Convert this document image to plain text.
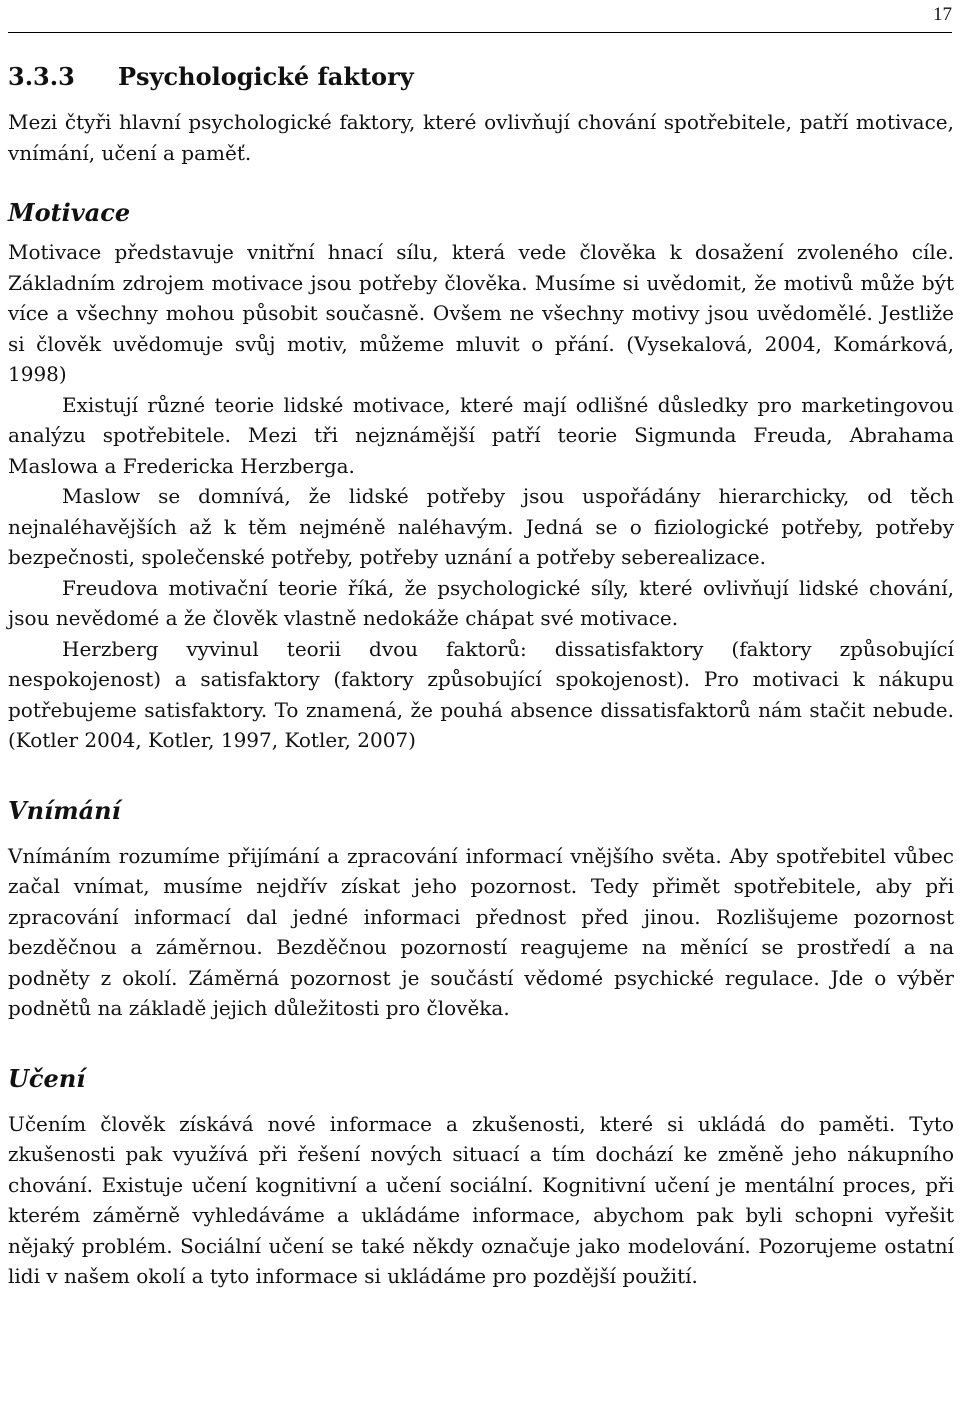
17
3.3.3 Psychologické faktory

Mezi čtyři hlavní psychologické faktory, které ovlivňují chování spotřebitele, patří motivace, vnímání, učení a paměť.

Motivace

Motivace představuje vnitřní hnací sílu, která vede člověka k dosažení zvoleného cíle. Základním zdrojem motivace jsou potřeby člověka. Musíme si uvědomit, že motivů může být více a všechny mohou působit současně. Ovšem ne všechny motivy jsou uvědomělé. Jestliže si člověk uvědomuje svůj motiv, můžeme mluvit o přání. (Vysekalová, 2004, Komárková, 1998)

Existují různé teorie lidské motivace, které mají odlišné důsledky pro marketingovou analýzu spotřebitele. Mezi tři nejznámější patří teorie Sigmunda Freuda, Abrahama Maslowa a Fredericka Herzberga.

Maslow se domnívá, že lidské potřeby jsou uspořádány hierarchicky, od těch nejnaléhavějších až k těm nejméně naléhavým. Jedná se o fiziologické potřeby, potřeby bezpečnosti, společenské potřeby, potřeby uznání a potřeby seberealizace.

Freudova motivační teorie říká, že psychologické síly, které ovlivňují lidské chování, jsou nevědomé a že člověk vlastně nedokáže chápat své motivace.

Herzberg vyvinul teorii dvou faktorů: dissatisfaktory (faktory způsobující nespokojenost) a satisfaktory (faktory způsobující spokojenost). Pro motivaci k nákupu potřebujeme satisfaktory. To znamená, že pouhá absence dissatisfaktorů nám stačit nebude. (Kotler 2004, Kotler, 1997, Kotler, 2007)

Vnímání

Vnímáním rozumíme přijímání a zpracování informací vnějšího světa. Aby spotřebitel vůbec začal vnímat, musíme nejdřív získat jeho pozornost. Tedy přimět spotřebitele, aby při zpracování informací dal jedné informaci přednost před jinou. Rozlišujeme pozornost bezděčnou a záměrnou. Bezděčnou pozorností reagujeme na měnící se prostředí a na podněty z okolí. Záměrná pozornost je součástí vědomé psychické regulace. Jde o výběr podnětů na základě jejich důležitosti pro člověka.

Učení

Učením člověk získává nové informace a zkušenosti, které si ukládá do paměti. Tyto zkušenosti pak využívá při řešení nových situací a tím dochází ke změně jeho nákupního chování. Existuje učení kognitivní a učení sociální. Kognitivní učení je mentální proces, při kterém záměrně vyhledáváme a ukládáme informace, abychom pak byli schopni vyřešit nějaký problém. Sociální učení se také někdy označuje jako modelování. Pozorujeme ostatní lidi v našem okolí a tyto informace si ukládáme pro pozdější použití.
